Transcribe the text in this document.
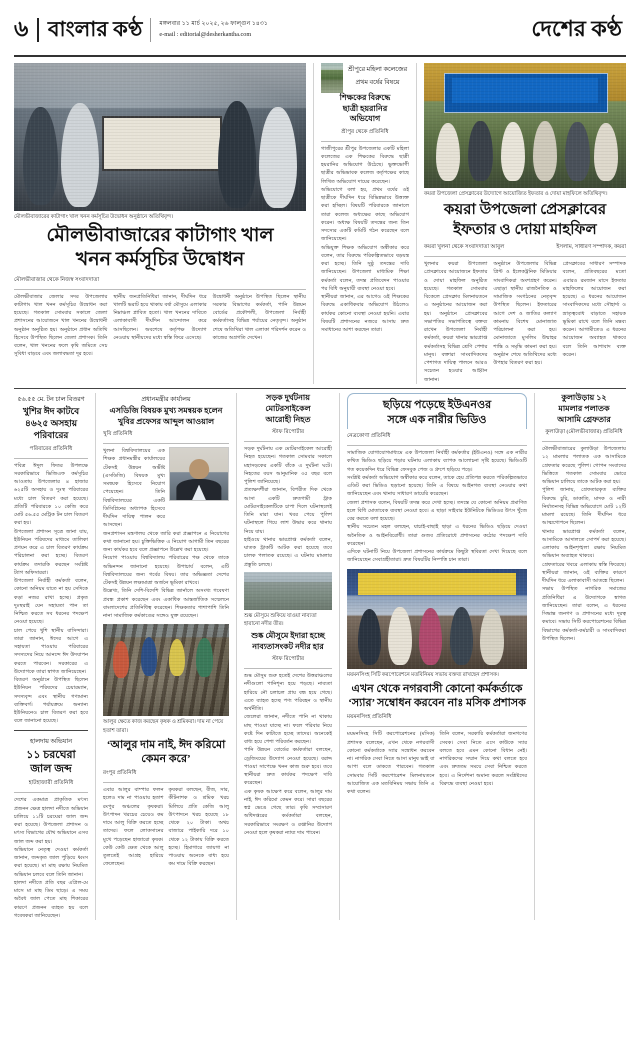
৬ বাংলার কণ্ঠ	মঙ্গলবার ১১ মার্চ ২০২৫, ২৬ ফাল্গুন ১৪৩১
e-mail : editorial@desherkantha.com	দেশের কণ্ঠ
মৌলভীবাজারের কাটাগাং খাল খনন কর্মসূচির উদ্বোধন অনুষ্ঠানে অতিথিবৃন্দ।
মৌলভীবাজারের কাটাগাং খাল
খনন কর্মসূচির উদ্বোধন
মৌলভীবাজার থেকে নিজস্ব সংবাদদাতা
মৌলভীবাজার জেলার সদর উপজেলার কাটাগাং খাল খনন কর্মসূচির উদ্বোধন করা হয়েছে। গতকাল সোমবার সকালে জেলা প্রশাসনের আয়োজনে খাল খননের উদ্বোধনী অনুষ্ঠান অনুষ্ঠিত হয়। অনুষ্ঠানে প্রধান অতিথি হিসেবে উপস্থিত ছিলেন জেলা প্রশাসক। তিনি বলেন, খাল খননের ফলে কৃষি জমিতে সেচ সুবিধা বাড়বে এবং জলাবদ্ধতা দূর হবে।
স্থানীয় জনপ্রতিনিধিরা জানান, দীর্ঘদিন ধরে খালটি ভরাট হয়ে থাকায় বর্ষা মৌসুমে এলাকার নিম্নাঞ্চল প্লাবিত হতো। খাল খননের দাবিতে এলাকাবাসী দীর্ঘদিন আন্দোলন করে আসছিলেন। অবশেষে কর্তৃপক্ষ উদ্যোগ নেওয়ায় স্থানীয়দের মধ্যে স্বস্তি ফিরে এসেছে।
উদ্বোধনী অনুষ্ঠানে উপস্থিত ছিলেন স্থানীয় সরকার বিভাগের কর্মকর্তা, পানি উন্নয়ন বোর্ডের প্রকৌশলী, উপজেলা নির্বাহী কর্মকর্তাসহ বিভিন্ন পর্যায়ের নেতৃবৃন্দ। অনুষ্ঠান শেষে অতিথিরা খাল এলাকা পরিদর্শন করেন ও কাজের অগ্রগতি দেখেন।
শ্রীপুরে মহিলা কলেজের
প্রথম বর্ষের বিষয়ে
শিক্ষকের বিরুদ্ধে
ছাত্রী হয়রানির
অভিযোগ
শ্রীপুর থেকে প্রতিনিধি
গাজীপুরের শ্রীপুর উপজেলার একটি মহিলা কলেজের এক শিক্ষকের বিরুদ্ধে ছাত্রী হয়রানির অভিযোগ উঠেছে। ভুক্তভোগী ছাত্রীর অভিভাবক কলেজ কর্তৃপক্ষের কাছে লিখিত অভিযোগ দায়ের করেছেন।
অভিযোগে বলা হয়, প্রথম বর্ষের ওই ছাত্রীকে দীর্ঘদিন ধরে বিভিন্নভাবে উত্ত্যক্ত করা হচ্ছিল। বিষয়টি পরিবারকে জানালে তারা কলেজ অধ্যক্ষের কাছে অভিযোগ করেন। অধ্যক্ষ বিষয়টি তদন্তের জন্য তিন সদস্যের একটি কমিটি গঠন করেছেন বলে জানিয়েছেন।
অভিযুক্ত শিক্ষক অভিযোগ অস্বীকার করে বলেন, তার বিরুদ্ধে পরিকল্পিতভাবে ষড়যন্ত্র করা হচ্ছে। তিনি সুষ্ঠু তদন্তের দাবি জানিয়েছেন। উপজেলা মাধ্যমিক শিক্ষা কর্মকর্তা বলেন, তদন্ত প্রতিবেদন পাওয়ার পর বিধি অনুযায়ী ব্যবস্থা নেওয়া হবে।
স্থানীয়রা জানান, এর আগেও ওই শিক্ষকের বিরুদ্ধে একাধিকবার অভিযোগ উঠলেও কার্যকর কোনো ব্যবস্থা নেওয়া হয়নি। এবার বিষয়টি প্রশাসনের নজরে আসায় দ্রুত সমাধানের আশা করছেন তারা।
কয়রা উপজেলা প্রেসক্লাবের উদ্যোগে আয়োজিত ইফতার ও দোয়া মাহফিলে অতিথিবৃন্দ।
কয়রা উপজেলা প্রেসক্লাবের
ইফতার ও দোয়া মাহফিল
কয়রা খুলনা থেকে সংবাদদাতা আবুল	ইসলাম, সাধারণ সম্পাদক, কয়রা
খুলনার কয়রা উপজেলা প্রেসক্লাবের আয়োজনে ইফতার ও দোয়া মাহফিল অনুষ্ঠিত হয়েছে। গতকাল সোমবার বিকেলে প্রেসক্লাব মিলনায়তনে এ অনুষ্ঠানের আয়োজন করা হয়। অনুষ্ঠানে প্রেসক্লাবের সভাপতির সভাপতিত্বে বক্তব্য রাখেন উপজেলা নির্বাহী কর্মকর্তা, কয়রা থানার ভারপ্রাপ্ত কর্মকর্তাসহ বিভিন্ন শ্রেণি পেশার মানুষ। বক্তারা সাংবাদিকদের পেশাগত দায়িত্ব পালনে আরও সচেতন হওয়ার আহ্বান জানান।
অনুষ্ঠানে উপজেলার বিভিন্ন প্রিন্ট ও ইলেকট্রনিক মিডিয়ার সাংবাদিকরা অংশগ্রহণ করেন। এছাড়া স্থানীয় রাজনৈতিক ও সামাজিক সংগঠনের নেতৃবৃন্দ উপস্থিত ছিলেন। ইফতারের আগে দেশ ও জাতির কল্যাণ কামনায় বিশেষ মোনাজাত পরিচালনা করা হয়। মোনাজাতে মুসলিম উম্মাহর শান্তি ও সমৃদ্ধি কামনা করা হয়। অনুষ্ঠান শেষে অতিথিদের মধ্যে উপহার বিতরণ করা হয়।
প্রেসক্লাবের সাধারণ সম্পাদক বলেন, প্রতিবছরের মতো এবারও রমজান মাসে ইফতার মাহফিলের আয়োজন করা হয়েছে। এ ধরনের আয়োজন সাংবাদিকদের মধ্যে সৌহার্দ্য ও ভ্রাতৃত্ববোধ বাড়াতে সহায়ক ভূমিকা রাখে বলে তিনি মন্তব্য করেন। আগামীতেও এ ধরনের আয়োজন অব্যাহত থাকবে বলে তিনি আশাবাদ ব্যক্ত করেন।
৫৬.৫৫ মে. টন চাল বিতরণ
খুশির ঈদ কাটবে
৪৬২৫ অসহায়
পরিবারের
পরিবারের প্রতিনিধি
পবিত্র ঈদুল ফিতর উপলক্ষে সরকারিভাবে ভিজিএফ কর্মসূচির আওতায় উপজেলার ৪ হাজার ৬২৫টি অসহায় ও দুঃস্থ পরিবারের মধ্যে চাল বিতরণ করা হয়েছে। প্রতিটি পরিবারকে ১০ কেজি করে মোট ৫৬.৫৫ মেট্রিক টন চাল বিতরণ করা হয়।
উপজেলা প্রশাসন সূত্রে জানা যায়, ইউনিয়ন পরিষদের মাধ্যমে তালিকা প্রণয়ন করে এ চাল বিতরণ কার্যক্রম পরিচালনা করা হচ্ছে। বিতরণ কার্যক্রম তদারকি করছেন সংশ্লিষ্ট ট্যাগ অফিসাররা।
উপজেলা নির্বাহী কর্মকর্তা বলেন, কোনো অনিয়ম যাতে না হয় সেদিকে কড়া নজর রাখা হচ্ছে। প্রকৃত দুঃস্থরাই যেন সহায়তা পান তা নিশ্চিত করতে সব ধরনের পদক্ষেপ নেওয়া হয়েছে।
চাল পেয়ে খুশি স্থানীয় বাসিন্দারা। তারা জানান, ঈদের আগে এ সহায়তা পাওয়ায় পরিবারের সদস্যদের নিয়ে আনন্দে ঈদ উদযাপন করতে পারবেন। সরকারের এ উদ্যোগকে তারা স্বাগত জানিয়েছেন।
বিতরণ অনুষ্ঠানে উপস্থিত ছিলেন ইউনিয়ন পরিষদের চেয়ারম্যান, সদস্যবৃন্দ এবং স্থানীয় গণ্যমান্য ব্যক্তিবর্গ। পর্যায়ক্রমে অন্যান্য ইউনিয়নেও চাল বিতরণ করা হবে বলে জানানো হয়েছে।
হালদায় অভিযান
১১ চরঘেরা
জাল জব্দ
হাটহাজারী প্রতিনিধি
দেশের একমাত্র প্রাকৃতিক মৎস্য প্রজনন ক্ষেত্র হালদা নদীতে অভিযান চালিয়ে ১১টি চরঘেরা জাল জব্দ করা হয়েছে। উপজেলা প্রশাসন ও মৎস্য বিভাগের যৌথ অভিযানে এসব জাল জব্দ করা হয়।
অভিযানে নেতৃত্ব দেওয়া কর্মকর্তা জানান, জব্দকৃত জাল পুড়িয়ে ধ্বংস করা হয়েছে। মা মাছ রক্ষায় নিয়মিত অভিযান চলবে বলে তিনি জানান।
হালদা নদীতে প্রতি বছর এপ্রিল-মে মাসে মা মাছ ডিম ছাড়ে। এ সময় অবৈধ জাল পেতে মাছ শিকারের কারণে প্রজনন ব্যাহত হয় বলে গবেষকরা জানিয়েছেন।
প্রধানমন্ত্রীর কার্যালয়
এসডিজি বিষয়ক মুখ্য সমন্বয়ক হলেন
খুবির প্রফেসর আব্দুল আওয়াল
খুবি প্রতিনিধি
খুলনা বিশ্ববিদ্যালয়ের এক শিক্ষক প্রধানমন্ত্রীর কার্যালয়ের টেকসই উন্নয়ন অভীষ্ট (এসডিজি) বিষয়ক মুখ্য সমন্বয়ক হিসেবে নিয়োগ পেয়েছেন। তিনি বিশ্ববিদ্যালয়ের একটি ডিসিপ্লিনের অধ্যাপক হিসেবে দীর্ঘদিন দায়িত্ব পালন করে আসছেন।
জনপ্রশাসন মন্ত্রণালয় থেকে জারি করা প্রজ্ঞাপনে এ নিয়োগের কথা জানানো হয়। চুক্তিভিত্তিক এ নিয়োগ আগামী তিন বছরের জন্য কার্যকর হবে বলে প্রজ্ঞাপনে উল্লেখ করা হয়েছে।
নিয়োগ পাওয়ায় বিশ্ববিদ্যালয় পরিবারের পক্ষ থেকে তাকে অভিনন্দন জানানো হয়েছে। উপাচার্য বলেন, এটি বিশ্ববিদ্যালয়ের জন্য গর্বের বিষয়। তার অভিজ্ঞতা দেশের টেকসই উন্নয়ন লক্ষ্যমাত্রা অর্জনে ভূমিকা রাখবে।
উল্লেখ্য, তিনি দেশি-বিদেশি বিভিন্ন জার্নালে অসংখ্য গবেষণা প্রবন্ধ প্রকাশ করেছেন এবং একাধিক আন্তর্জাতিক সম্মেলনে বাংলাদেশের প্রতিনিধিত্ব করেছেন। শিক্ষকতার পাশাপাশি তিনি নানা সামাজিক কর্মকাণ্ডের সঙ্গেও যুক্ত রয়েছেন।
আলুর ক্ষেতে কাজ করছেন কৃষক ও শ্রমিকরা। দাম না পেয়ে হতাশ তারা।
‘আলুর দাম নাই, ঈদ করিমো
কেমন করে’
রংপুর প্রতিনিধি
এবার আলুর বাম্পার ফলন হলেও দাম না পাওয়ায় হতাশ রংপুর অঞ্চলের কৃষকরা। উৎপাদন খরচের চেয়েও কম দামে আলু বিক্রি করতে হচ্ছে তাদের। ফলে লোকসানের মুখে পড়েছেন হাজারো কৃষক। কেউ কেউ ক্ষেত থেকে আলু তুলতেই আগ্রহ হারিয়ে ফেলেছেন।
কৃষকরা বলছেন, বীজ, সার, কীটনাশক ও শ্রমিক খরচ মিলিয়ে প্রতি কেজি আলু উৎপাদনে খরচ হয়েছে ১৮ থেকে ২০ টাকা। অথচ বাজারে পাইকারি দরে ১০ থেকে ১২ টাকায় বিক্রি করতে হচ্ছে। হিমাগারে জায়গা না পাওয়ায় অনেকে বাধ্য হয়ে কম দামে বিক্রি করছেন।
সড়ক দুর্ঘটনায়
মোটরসাইকেল
আরোহী নিহত
স্টাফ রিপোর্টার
সড়ক দুর্ঘটনায় এক মোটরসাইকেল আরোহী নিহত হয়েছেন। গতকাল সোমবার সকালে মহাসড়কের একটি বাঁকে এ দুর্ঘটনা ঘটে। নিহতের বয়স আনুমানিক ৩৫ বছর বলে পুলিশ জানিয়েছে।
প্রত্যক্ষদর্শীরা জানান, বিপরীত দিক থেকে আসা একটি দ্রুতগামী ট্রাক মোটরসাইকেলটিকে চাপা দিলে ঘটনাস্থলেই তিনি মারা যান। খবর পেয়ে পুলিশ ঘটনাস্থলে গিয়ে লাশ উদ্ধার করে থানায় নিয়ে যায়।
হাইওয়ে থানার ভারপ্রাপ্ত কর্মকর্তা বলেন, ঘাতক ট্রাকটি আটক করা হয়েছে তবে চালক পলাতক রয়েছে। এ ঘটনায় মামলার প্রস্তুতি চলছে।
শুষ্ক মৌসুমে শুকিয়ে যাওয়া নাব্যতা হারানো নদীর তীর।
শুষ্ক মৌসুমে ইদারা হচ্ছে
নাব্যতাসংকট নদীর হার
স্টাফ রিপোর্টার
শুষ্ক মৌসুম শুরু হতেই দেশের উত্তরাঞ্চলের নদীগুলো পানিশূন্য হয়ে পড়ছে। নাব্যতা হারিয়ে নৌ চলাচল প্রায় বন্ধ হয়ে গেছে। এতে ব্যাহত হচ্ছে পণ্য পরিবহন ও স্থানীয় অর্থনীতি।
জেলেরা জানান, নদীতে পানি না থাকায় মাছ পাওয়া যাচ্ছে না। ফলে পরিবার নিয়ে কষ্টে দিন কাটাতে হচ্ছে তাদের। অনেকেই বাধ্য হয়ে পেশা পরিবর্তন করছেন।
পানি উন্নয়ন বোর্ডের কর্মকর্তারা বলছেন, ড্রেজিংয়ের উদ্যোগ নেওয়া হয়েছে। বরাদ্দ পাওয়া সাপেক্ষে খনন কাজ শুরু হবে। তবে স্থানীয়রা দ্রুত কার্যকর পদক্ষেপ দাবি করেছেন।
এক কৃষক আক্ষেপ করে বলেন, আলুর দাম নাই, ঈদ করিমো কেমন করে। সারা বছরের স্বপ্ন ভেঙে গেছে তার। কৃষি সম্প্রসারণ অধিদপ্তরের কর্মকর্তারা বলছেন, সরকারিভাবে সংরক্ষণ ও রপ্তানির উদ্যোগ নেওয়া হলে কৃষকরা ন্যায্য দাম পাবেন।
ছড়িয়ে পড়েছে ইউএনওর
সঙ্গে এক নারীর ভিডিও
নেত্রকোণা প্রতিনিধি
সামাজিক যোগাযোগমাধ্যমে এক উপজেলা নির্বাহী কর্মকর্তার (ইউএনও) সঙ্গে এক নারীর কথিত ভিডিও ছড়িয়ে পড়ার ঘটনায় এলাকায় ব্যাপক আলোচনা সৃষ্টি হয়েছে। ভিডিওটি গত কয়েকদিন ধরে বিভিন্ন ফেসবুক পেজ ও গ্রুপে ছড়িয়ে পড়ে।
সংশ্লিষ্ট কর্মকর্তা অভিযোগ অস্বীকার করে বলেন, তাকে হেয় প্রতিপন্ন করতে পরিকল্পিতভাবে এডিট করা ভিডিও ছড়ানো হয়েছে। তিনি এ বিষয়ে আইনগত ব্যবস্থা নেওয়ার কথা জানিয়েছেন এবং থানায় সাধারণ ডায়েরি করেছেন।
জেলা প্রশাসক বলেন, বিষয়টি তদন্ত করে দেখা হচ্ছে। তদন্তে যে কোনো অনিয়ম প্রমাণিত হলে বিধি মোতাবেক ব্যবস্থা নেওয়া হবে। এ ছাড়া সাইবার ইউনিটকে ভিডিওর উৎস খুঁজে বের করতে বলা হয়েছে।
স্থানীয় সচেতন মহল বলছেন, যাচাই-বাছাই ছাড়া এ ধরনের ভিডিও ছড়িয়ে দেওয়া অনৈতিক ও আইনবিরোধী। তারা গুজব প্রতিরোধে প্রশাসনের কঠোর পদক্ষেপ দাবি করেছেন।
এদিকে ঘটনাটি নিয়ে উপজেলা প্রশাসনের কার্যক্রমে কিছুটা স্থবিরতা দেখা দিয়েছে বলে জানিয়েছেন সেবাগ্রহীতারা। দ্রুত বিষয়টির নিষ্পত্তি চান তারা।
ময়মনসিংহ সিটি করপোরেশনে মতবিনিময় সভায় বক্তব্য রাখছেন প্রশাসক।
এখন থেকে নগরবাসী কোনো কর্মকর্তাকে
‘স্যার’ সম্বোধন করবেন নাঃ মসিক প্রশাসক
ময়মনসিংহ প্রতিনিধি
ময়মনসিংহ সিটি করপোরেশনের (মসিক) প্রশাসক বলেছেন, এখন থেকে নগরবাসী কোনো কর্মকর্তাকে স্যার সম্বোধন করবেন না। নাগরিক সেবা নিতে আসা মানুষ ভাই বা আপা বলে ডাকতে পারবেন। গতকাল সোমবার সিটি করপোরেশন মিলনায়তনে আয়োজিত এক মতবিনিময় সভায় তিনি এ কথা বলেন।
তিনি বলেন, সরকারি কর্মকর্তারা জনগণের সেবক। সেবা নিতে এসে কাউকে স্যার বলতে হবে এমন কোনো বিধান নেই। নাগরিকদের সম্মান দিয়ে কথা বলতে হবে এবং দ্রুততম সময়ে সেবা নিশ্চিত করতে হবে। এ নির্দেশনা অমান্য করলে সংশ্লিষ্টদের বিরুদ্ধে ব্যবস্থা নেওয়া হবে।
কুলাউড়ায় ১২
মামলার পলাতক
আসামি গ্রেফতার
কুলাউড়া (মৌলভীবাজার) প্রতিনিধি
মৌলভীবাজারের কুলাউড়া উপজেলায় ১২ মামলার পলাতক এক আসামিকে গ্রেফতার করেছে পুলিশ। গোপন সংবাদের ভিত্তিতে গতকাল সোমবার ভোরে অভিযান চালিয়ে তাকে আটক করা হয়।
পুলিশ জানায়, গ্রেফতারকৃত ব্যক্তির বিরুদ্ধে চুরি, ডাকাতি, মাদক ও নারী নির্যাতনসহ বিভিন্ন অভিযোগে মোট ১২টি মামলা রয়েছে। তিনি দীর্ঘদিন ধরে আত্মগোপনে ছিলেন।
থানার ভারপ্রাপ্ত কর্মকর্তা বলেন, আসামিকে আদালতে সোপর্দ করা হয়েছে। এলাকায় আইনশৃঙ্খলা রক্ষায় নিয়মিত অভিযান অব্যাহত থাকবে।
গ্রেফতারের খবরে এলাকায় স্বস্তি ফিরেছে। স্থানীয়রা জানান, ওই ব্যক্তির কারণে দীর্ঘদিন ধরে এলাকাবাসী আতঙ্কে ছিলেন।
সভায় উপস্থিত নাগরিক সমাজের প্রতিনিধিরা এ উদ্যোগকে স্বাগত জানিয়েছেন। তারা বলেন, এ ধরনের সিদ্ধান্ত জনগণ ও প্রশাসনের মধ্যে দূরত্ব কমাবে। সভায় সিটি করপোরেশনের বিভিন্ন বিভাগের কর্মকর্তা-কর্মচারী ও সাংবাদিকরা উপস্থিত ছিলেন।
